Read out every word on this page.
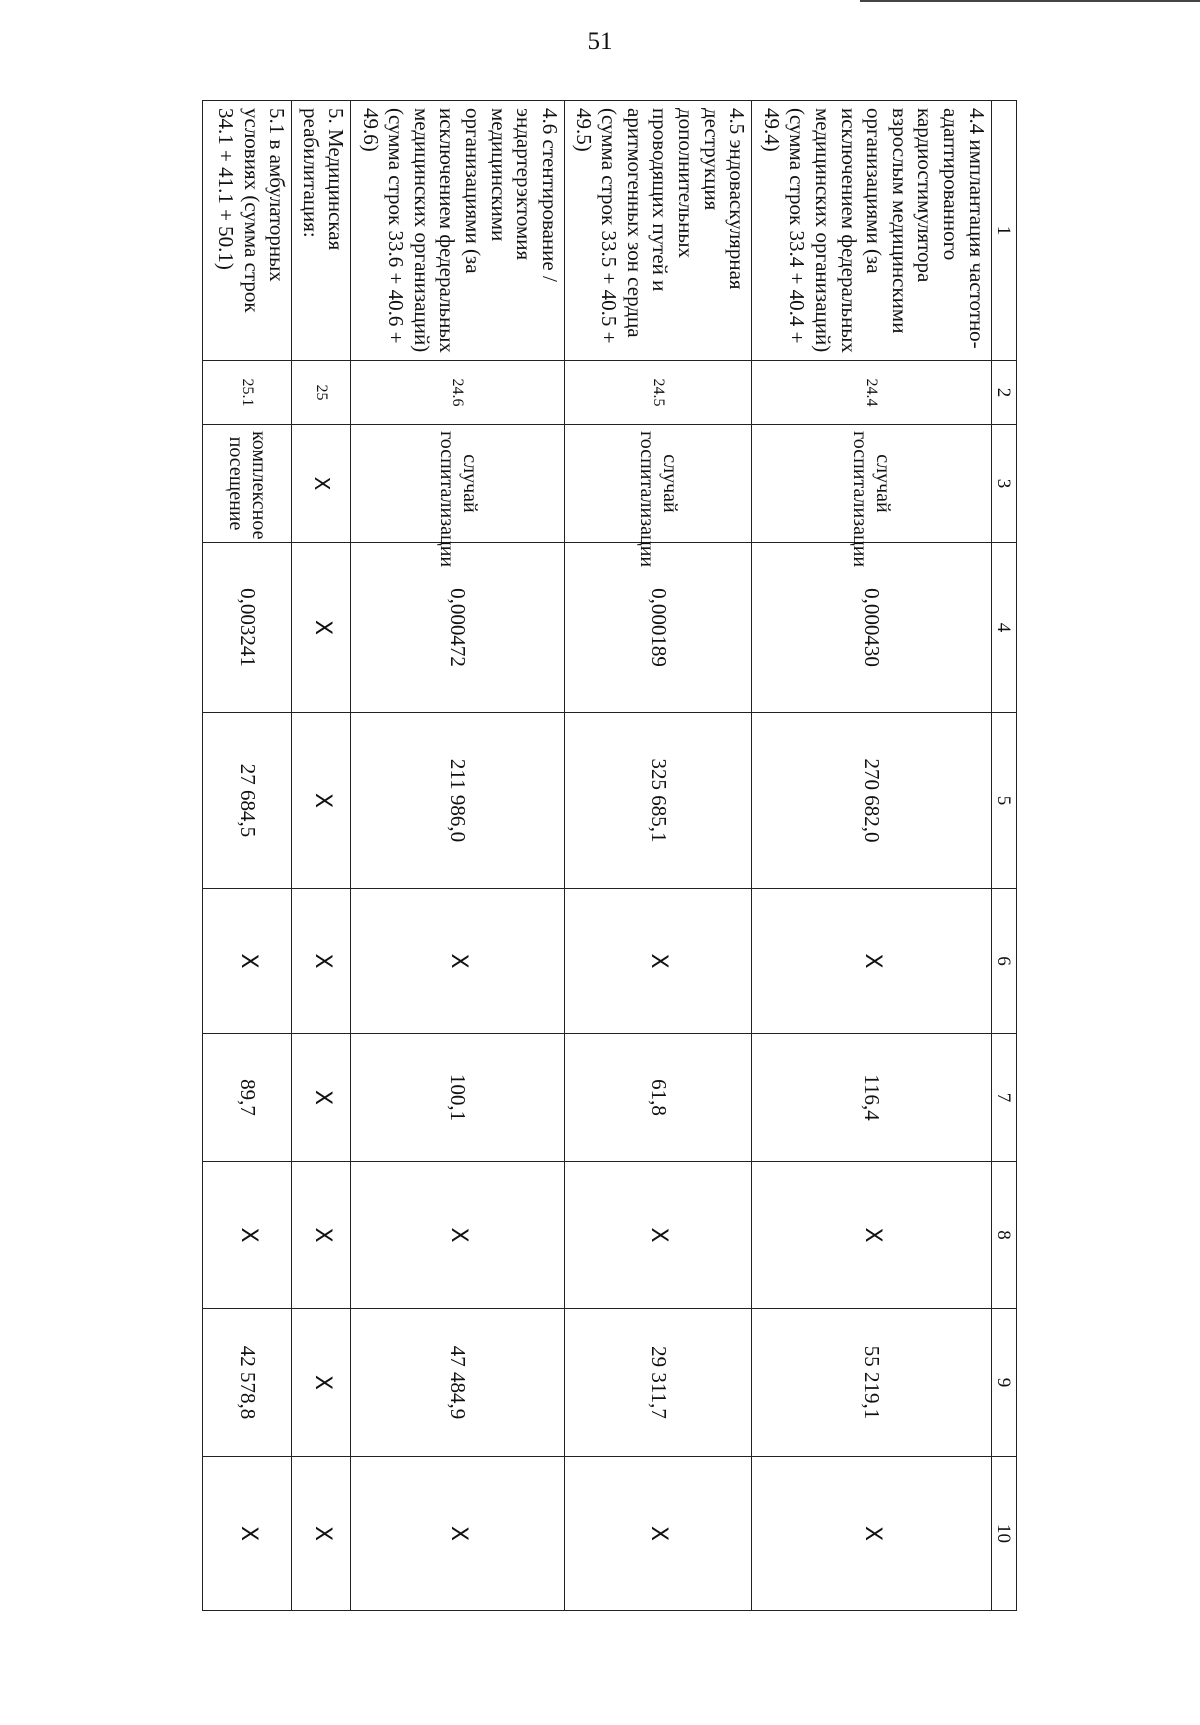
51
1	2	3	4	5	6	7	8	9	10
4.4 имплантация частотно-адаптированного кардиостимулятора взрослым медицинскими организациями (за исключением федеральных медицинских организаций) (сумма строк 33.4 + 40.4 + 49.4)	24.4	случай госпитализации	0,000430	270 682,0	X	116,4	X	55 219,1	X
4.5 эндоваскулярная деструкция дополнительных проводящих путей и аритмогенных зон сердца (сумма строк 33.5 + 40.5 + 49.5)	24.5	случай госпитализации	0,000189	325 685,1	X	61,8	X	29 311,7	X
4.6 стентирование / эндартерэктомия медицинскими организациями (за исключением федеральных медицинских организаций) (сумма строк 33.6 + 40.6 + 49.6)	24.6	случай госпитализации	0,000472	211 986,0	X	100,1	X	47 484,9	X
5. Медицинская реабилитация:	25	X	X	X	X	X	X	X	X
5.1 в амбулаторных условиях (сумма строк 34.1 + 41.1 + 50.1)	25.1	комплексное посещение	0,003241	27 684,5	X	89,7	X	42 578,8	X
